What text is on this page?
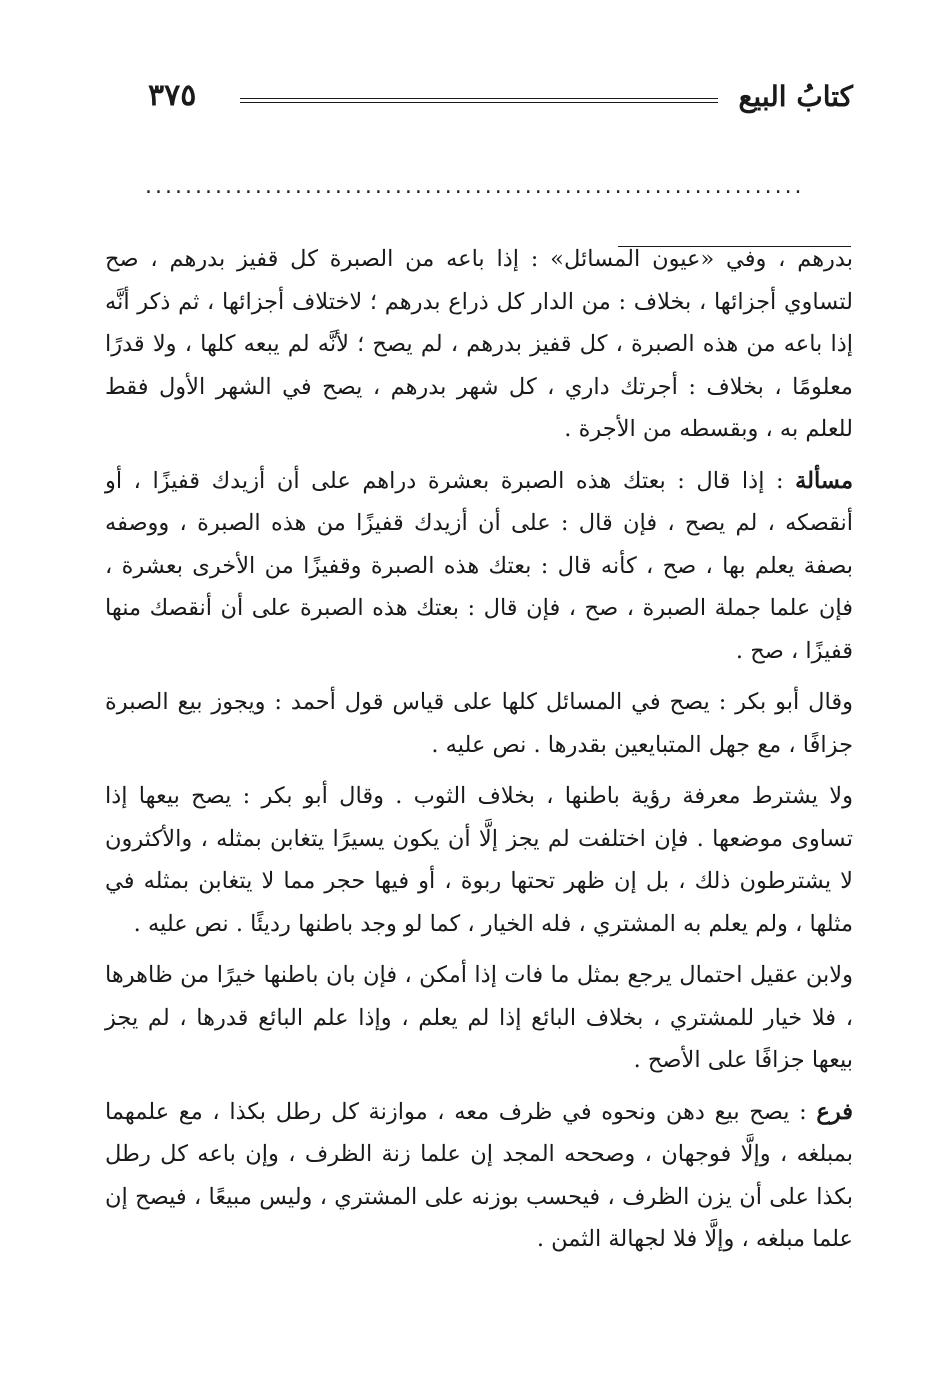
٣٧٥	كتابُ البيع
..................................................................

بدرهم ، وفي «عيون المسائل» : إذا باعه من الصبرة كل قفيز بدرهم ، صح لتساوي أجزائها ، بخلاف : من الدار كل ذراع بدرهم ؛ لاختلاف أجزائها ، ثم ذكر أنَّه إذا باعه من هذه الصبرة ، كل قفيز بدرهم ، لم يصح ؛ لأنَّه لم يبعه كلها ، ولا قدرًا معلومًا ، بخلاف : أجرتك داري ، كل شهر بدرهم ، يصح في الشهر الأول فقط للعلم به ، وبقسطه من الأجرة .

مسألة : إذا قال : بعتك هذه الصبرة بعشرة دراهم على أن أزيدك قفيزًا ، أو أنقصكه ، لم يصح ، فإن قال : على أن أزيدك قفيزًا من هذه الصبرة ، ووصفه بصفة يعلم بها ، صح ، كأنه قال : بعتك هذه الصبرة وقفيزًا من الأخرى بعشرة ، فإن علما جملة الصبرة ، صح ، فإن قال : بعتك هذه الصبرة على أن أنقصك منها قفيزًا ، صح .

وقال أبو بكر : يصح في المسائل كلها على قياس قول أحمد : ويجوز بيع الصبرة جزافًا ، مع جهل المتبايعين بقدرها . نص عليه .

ولا يشترط معرفة رؤية باطنها ، بخلاف الثوب . وقال أبو بكر : يصح بيعها إذا تساوى موضعها . فإن اختلفت لم يجز إلَّا أن يكون يسيرًا يتغابن بمثله ، والأكثرون لا يشترطون ذلك ، بل إن ظهر تحتها ربوة ، أو فيها حجر مما لا يتغابن بمثله في مثلها ، ولم يعلم به المشتري ، فله الخيار ، كما لو وجد باطنها رديئًا . نص عليه .

ولابن عقيل احتمال يرجع بمثل ما فات إذا أمكن ، فإن بان باطنها خيرًا من ظاهرها ، فلا خيار للمشتري ، بخلاف البائع إذا لم يعلم ، وإذا علم البائع قدرها ، لم يجز بيعها جزافًا على الأصح .

فرع : يصح بيع دهن ونحوه في ظرف معه ، موازنة كل رطل بكذا ، مع علمهما بمبلغه ، وإلَّا فوجهان ، وصححه المجد إن علما زنة الظرف ، وإن باعه كل رطل بكذا على أن يزن الظرف ، فيحسب بوزنه على المشتري ، وليس مبيعًا ، فيصح إن علما مبلغه ، وإلَّا فلا لجهالة الثمن .
